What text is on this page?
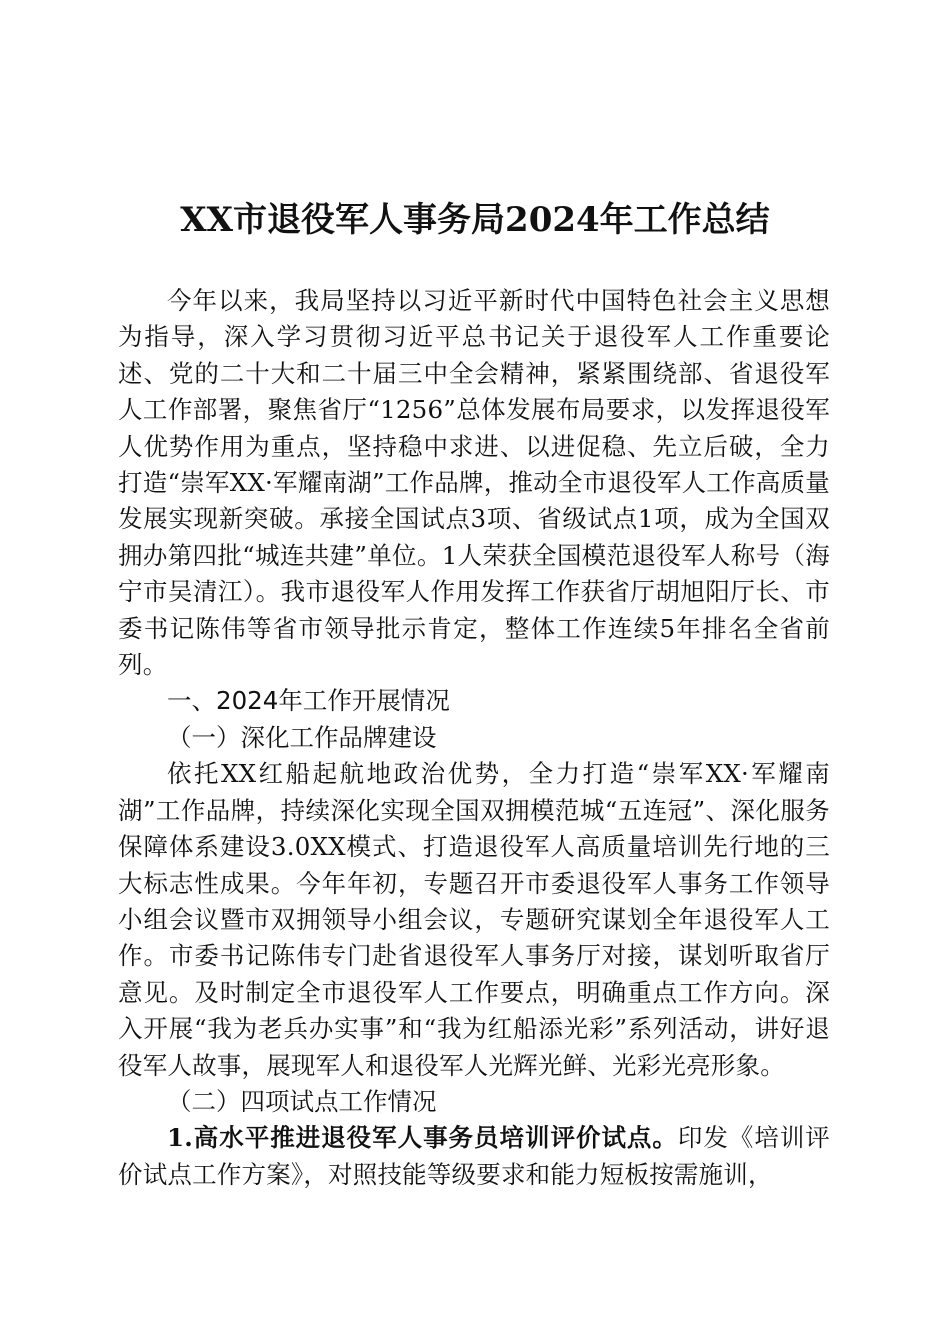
XX市退役军人事务局2024年工作总结

今年以来，我局坚持以习近平新时代中国特色社会主义思想为指导，深入学习贯彻习近平总书记关于退役军人工作重要论述、党的二十大和二十届三中全会精神，紧紧围绕部、省退役军人工作部署，聚焦省厅“1256”总体发展布局要求，以发挥退役军人优势作用为重点，坚持稳中求进、以进促稳、先立后破，全力打造“崇军XX·军耀南湖”工作品牌，推动全市退役军人工作高质量发展实现新突破。承接全国试点3项、省级试点1项，成为全国双拥办第四批“城连共建”单位。1人荣获全国模范退役军人称号（海宁市吴清江）。我市退役军人作用发挥工作获省厅胡旭阳厅长、市委书记陈伟等省市领导批示肯定，整体工作连续5年排名全省前列。

一、2024年工作开展情况

（一）深化工作品牌建设

依托XX红船起航地政治优势，全力打造“崇军XX·军耀南湖”工作品牌，持续深化实现全国双拥模范城“五连冠”、深化服务保障体系建设3.0XX模式、打造退役军人高质量培训先行地的三大标志性成果。今年年初，专题召开市委退役军人事务工作领导小组会议暨市双拥领导小组会议，专题研究谋划全年退役军人工作。市委书记陈伟专门赴省退役军人事务厅对接，谋划听取省厅意见。及时制定全市退役军人工作要点，明确重点工作方向。深入开展“我为老兵办实事”和“我为红船添光彩”系列活动，讲好退役军人故事，展现军人和退役军人光辉光鲜、光彩光亮形象。

（二）四项试点工作情况

1.高水平推进退役军人事务员培训评价试点。印发《培训评价试点工作方案》，对照技能等级要求和能力短板按需施训，
